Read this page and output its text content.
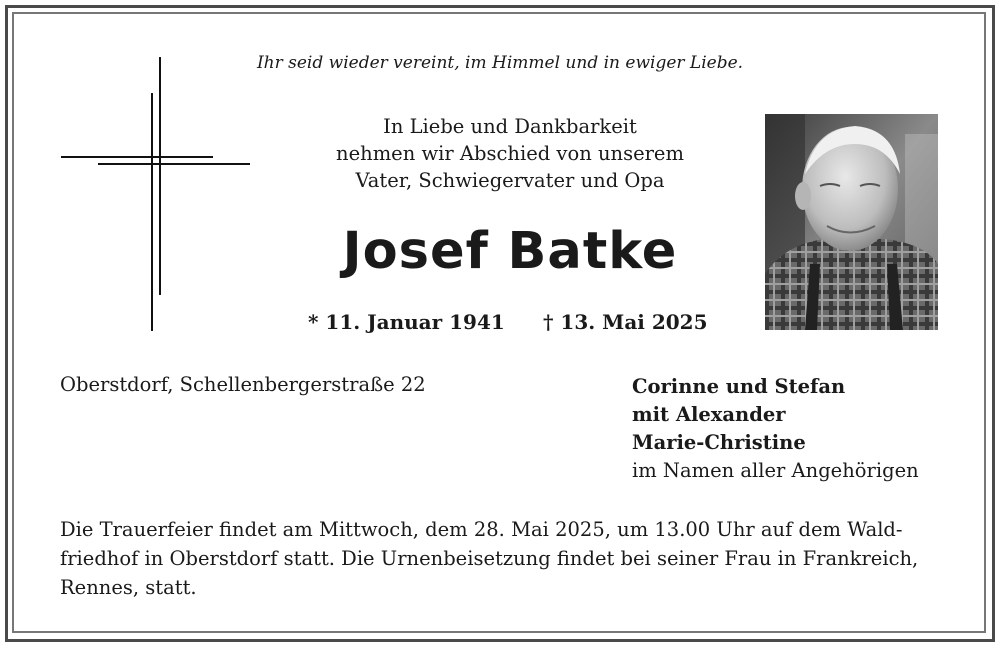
Ihr seid wieder vereint, im Himmel und in ewiger Liebe.
In Liebe und Dankbarkeit
nehmen wir Abschied von unserem
Vater, Schwiegervater und Opa
Josef Batke
* 11. Januar 1941 † 13. Mai 2025
Oberstdorf, Schellenbergerstraße 22	Corinne und Stefan
mit Alexander
Marie-Christine
im Namen aller Angehörigen
Die Trauerfeier findet am Mittwoch, dem 28. Mai 2025, um 13.00 Uhr auf dem Wald-
friedhof in Oberstdorf statt. Die Urnenbeisetzung findet bei seiner Frau in Frankreich,
Rennes, statt.
